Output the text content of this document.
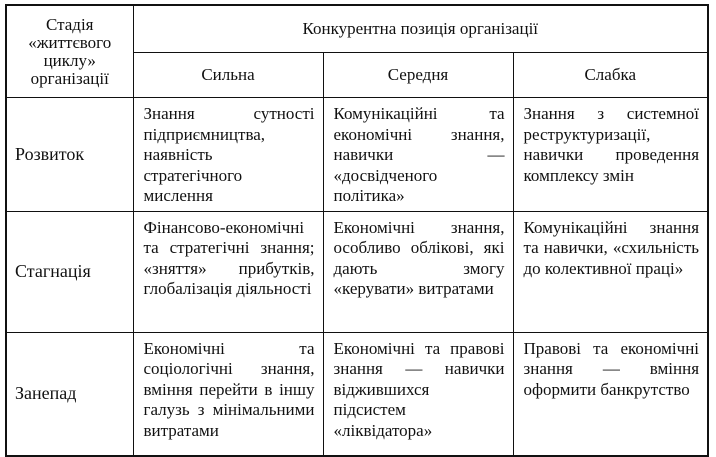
Стадія «життєвого циклу» організації	Конкурентна позиція організації		
	Сильна	Середня	Слабка
Розвиток	Знання сутності підприємництва, наявність стратегічного мислення	Комунікаційні та економічні знання, навички — «досвідченого політика»	Знання з системної реструктуризації, навички проведення комплексу змін

Стагнація	Фінансово-економічні та стратегічні знання; «зняття» прибутків, глобалізація діяльності	Економічні знання, особливо облікові, які дають змогу «керувати» витратами	Комунікаційні знання та навички, «схильність до колективної праці»

Занепад	Економічні та соціологічні знання, вміння перейти в іншу галузь з мінімальними витратами	Економічні та правові знання — навички віджившихся підсистем «ліквідатора»	Правові та економічні знання — вміння оформити банкрутство
